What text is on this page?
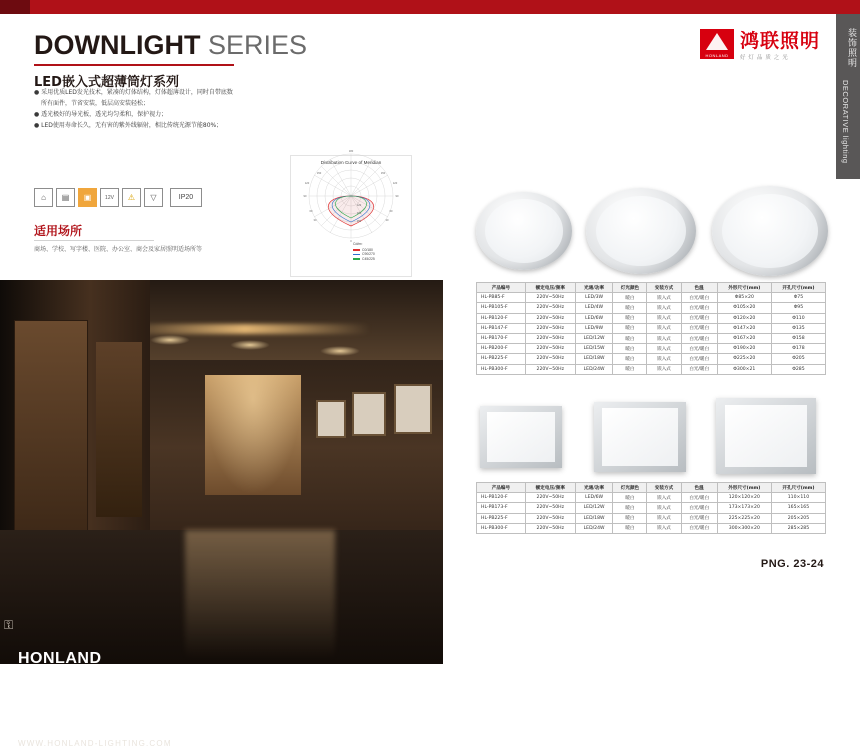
装饰照明
DECORATIVE lighting
DOWNLIGHT SERIES
LED嵌入式超薄筒灯系列
● 采用优质LED发光技术，紧凑的灯体结构，灯体超薄设计，同时自带底数
所有面件，节省安装，低层高安装轻松；
● 透光极好的导光板，透光均匀柔和，保护视力；
● LED使用寿命长久，无有害的紫外线辐射，相比传统光源节能80%；
⌂ ▤ ▣	12V ⚠ ▽	IP20
适用场所
商场、学校、写字楼、医院、办公室、商会及家居照明适场所等
Distribution Curve of Meridian
180
90	90
0
150	150
30	30
120	120
60	60
120
240
360
Cd/m²
C0/180
C90/270
C45/225
⚿
HONLAND
PRODUCT
HANDBOOK
WWW.HONLAND-LIGHTING.COM
HONLAND
鸿联照明
好 灯 品 质 之 光
产品编号	额定电压/频率	光通/功率	灯光颜色	安装方式	色温	外形尺寸(mm)	开孔尺寸(mm)
HL-PB85-F	220V~50Hz	LED/3W	暖白	嵌入式	白光/暖白	Φ85×20	Φ75
HL-PB105-F	220V~50Hz	LED/4W	暖白	嵌入式	白光/暖白	Φ105×20	Φ95
HL-PB120-F	220V~50Hz	LED/6W	暖白	嵌入式	白光/暖白	Φ120×20	Φ110
HL-PB147-F	220V~50Hz	LED/9W	暖白	嵌入式	白光/暖白	Φ147×20	Φ135
HL-PB170-F	220V~50Hz	LED/12W	暖白	嵌入式	白光/暖白	Φ167×20	Φ158
HL-PB200-F	220V~50Hz	LED/15W	暖白	嵌入式	白光/暖白	Φ190×20	Φ178
HL-PB225-F	220V~50Hz	LED/18W	暖白	嵌入式	白光/暖白	Φ225×20	Φ205
HL-PB300-F	220V~50Hz	LED/24W	暖白	嵌入式	白光/暖白	Φ300×21	Φ285
产品编号	额定电压/频率	光通/功率	灯光颜色	安装方式	色温	外形尺寸(mm)	开孔尺寸(mm)
HL-PB120-F	220V~50Hz	LED/6W	暖白	嵌入式	白光/暖白	120×120×20	110×110
HL-PB173-F	220V~50Hz	LED/12W	暖白	嵌入式	白光/暖白	173×173×20	165×165
HL-PB225-F	220V~50Hz	LED/18W	暖白	嵌入式	白光/暖白	225×225×20	205×205
HL-PB300-F	220V~50Hz	LED/24W	暖白	嵌入式	白光/暖白	300×300×20	285×285
PNG. 23-24
